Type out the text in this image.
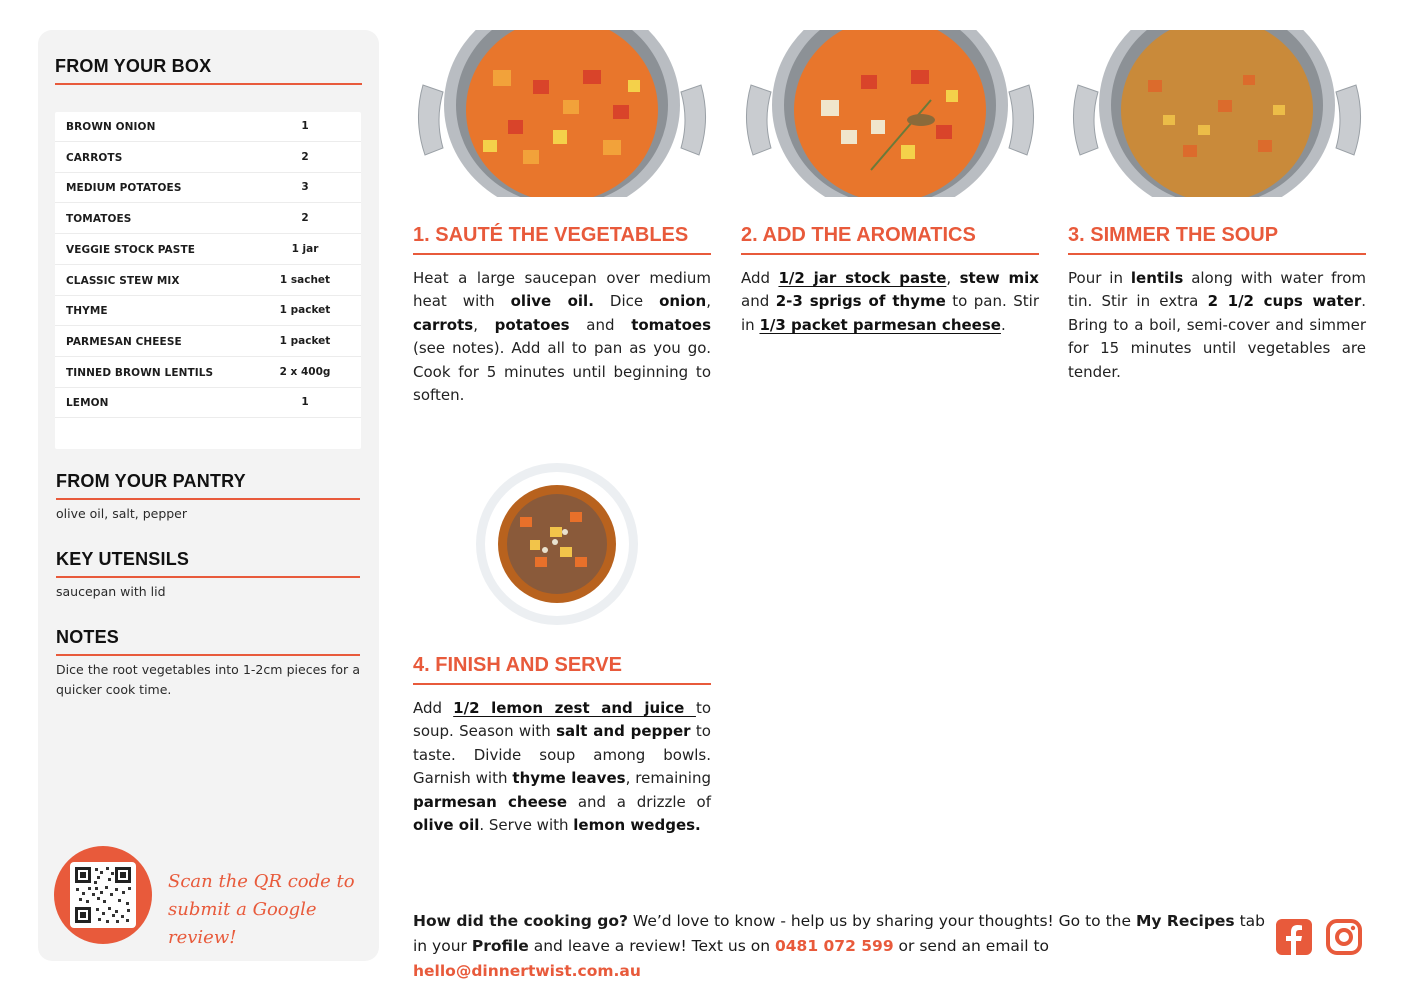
FROM YOUR BOX
BROWN ONION	1
CARROTS	2
MEDIUM POTATOES	3
TOMATOES	2
VEGGIE STOCK PASTE	1 jar
CLASSIC STEW MIX	1 sachet
THYME	1 packet
PARMESAN CHEESE	1 packet
TINNED BROWN LENTILS	2 x 400g
LEMON	1
FROM YOUR PANTRY
olive oil, salt, pepper
KEY UTENSILS
saucepan with lid
NOTES
Dice the root vegetables into 1-2cm pieces for a quicker cook time.
Scan the QR code to
submit a Google review!
1. SAUTÉ THE VEGETABLES
Heat a large saucepan over medium heat with olive oil. Dice onion, carrots, potatoes and tomatoes (see notes). Add all to pan as you go. Cook for 5 minutes until beginning to soften.
2. ADD THE AROMATICS
Add 1/2 jar stock paste, stew mix and 2-3 sprigs of thyme to pan. Stir in 1/3 packet parmesan cheese.
3. SIMMER THE SOUP
Pour in lentils along with water from tin. Stir in extra 2 1/2 cups water. Bring to a boil, semi-cover and simmer for 15 minutes until vegetables are tender.
4. FINISH AND SERVE
Add 1/2 lemon zest and juice to soup. Season with salt and pepper to taste. Divide soup among bowls. Garnish with thyme leaves, remaining parmesan cheese and a drizzle of olive oil. Serve with lemon wedges.
How did the cooking go? We’d love to know - help us by sharing your thoughts! Go to the My Recipes tab in your Profile and leave a review! Text us on 0481 072 599 or send an email to hello@dinnertwist.com.au
